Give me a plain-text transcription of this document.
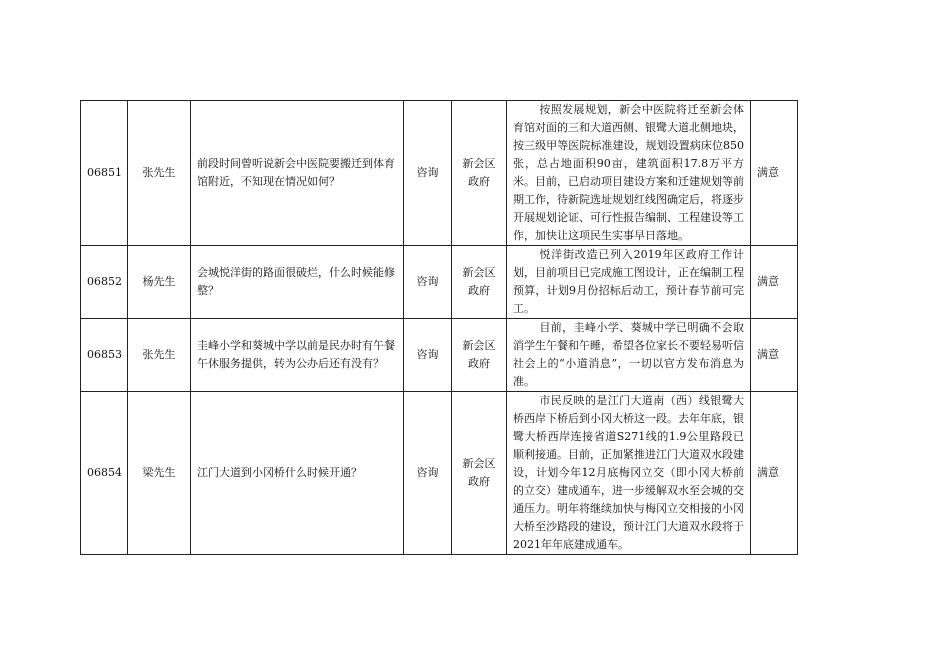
06851	张先生	前段时间曾听说新会中医院要搬迁到体育馆附近，不知现在情况如何？	咨询	新会区政府	按照发展规划，新会中医院将迁至新会体育馆对面的三和大道西侧、银鹭大道北侧地块，按三级甲等医院标准建设，规划设置病床位850张，总占地面积90亩，建筑面积17.8万平方米。目前，已启动项目建设方案和迁建规划等前期工作，待新院选址规划红线图确定后，将逐步开展规划论证、可行性报告编制、工程建设等工作，加快让这项民生实事早日落地。	满意
06852	杨先生	会城悦洋街的路面很破烂，什么时候能修整？	咨询	新会区政府	悦洋街改造已列入2019年区政府工作计划，目前项目已完成施工图设计，正在编制工程预算，计划9月份招标后动工，预计春节前可完工。	满意
06853	张先生	圭峰小学和葵城中学以前是民办时有午餐午休服务提供，转为公办后还有没有？	咨询	新会区政府	目前，圭峰小学、葵城中学已明确不会取消学生午餐和午睡，希望各位家长不要轻易听信社会上的“小道消息”，一切以官方发布消息为准。	满意
06854	梁先生	江门大道到小冈桥什么时候开通？	咨询	新会区政府	市民反映的是江门大道南（西）线银鹭大桥西岸下桥后到小冈大桥这一段。去年年底，银鹭大桥西岸连接省道S271线的1.9公里路段已顺利接通。目前，正加紧推进江门大道双水段建设，计划今年12月底梅冈立交（即小冈大桥前的立交）建成通车，进一步缓解双水至会城的交通压力。明年将继续加快与梅冈立交相接的小冈大桥至沙路段的建设，预计江门大道双水段将于2021年年底建成通车。	满意
